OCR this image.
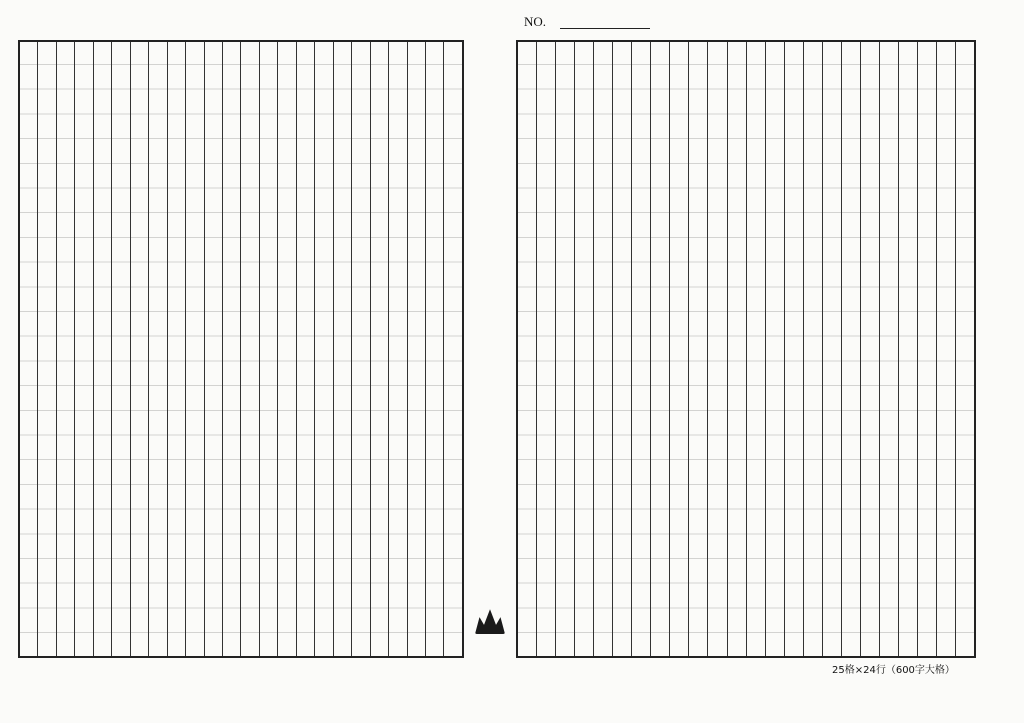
NO.
25格×24行（600字大格）
